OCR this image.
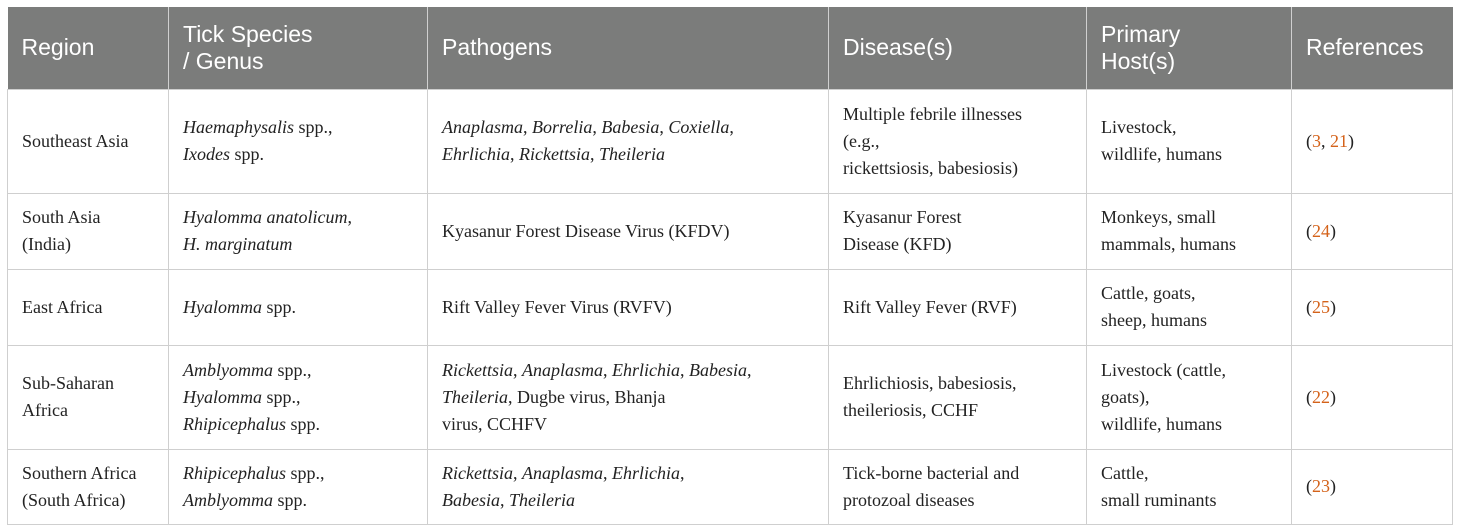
Region	Tick Species
/ Genus	Pathogens	Disease(s)	Primary
Host(s)	References

Southeast Asia	Haemaphysalis spp.,
Ixodes spp.	Anaplasma, Borrelia, Babesia, Coxiella,
Ehrlichia, Rickettsia, Theileria	Multiple febrile illnesses
(e.g.,
rickettsiosis, babesiosis)	Livestock,
wildlife, humans	(3, 21)

South Asia
(India)	Hyalomma anatolicum,
H. marginatum	Kyasanur Forest Disease Virus (KFDV)	Kyasanur Forest
Disease (KFD)	Monkeys, small
mammals, humans	(24)

East Africa	Hyalomma spp.	Rift Valley Fever Virus (RVFV)	Rift Valley Fever (RVF)	Cattle, goats,
sheep, humans	(25)

Sub-Saharan
Africa	Amblyomma spp.,
Hyalomma spp.,
Rhipicephalus spp.	Rickettsia, Anaplasma, Ehrlichia, Babesia,
Theileria, Dugbe virus, Bhanja
virus, CCHFV	Ehrlichiosis, babesiosis,
theileriosis, CCHF	Livestock (cattle,
goats),
wildlife, humans	(22)

Southern Africa
(South Africa)	Rhipicephalus spp.,
Amblyomma spp.	Rickettsia, Anaplasma, Ehrlichia,
Babesia, Theileria	Tick-borne bacterial and
protozoal diseases	Cattle,
small ruminants	(23)
